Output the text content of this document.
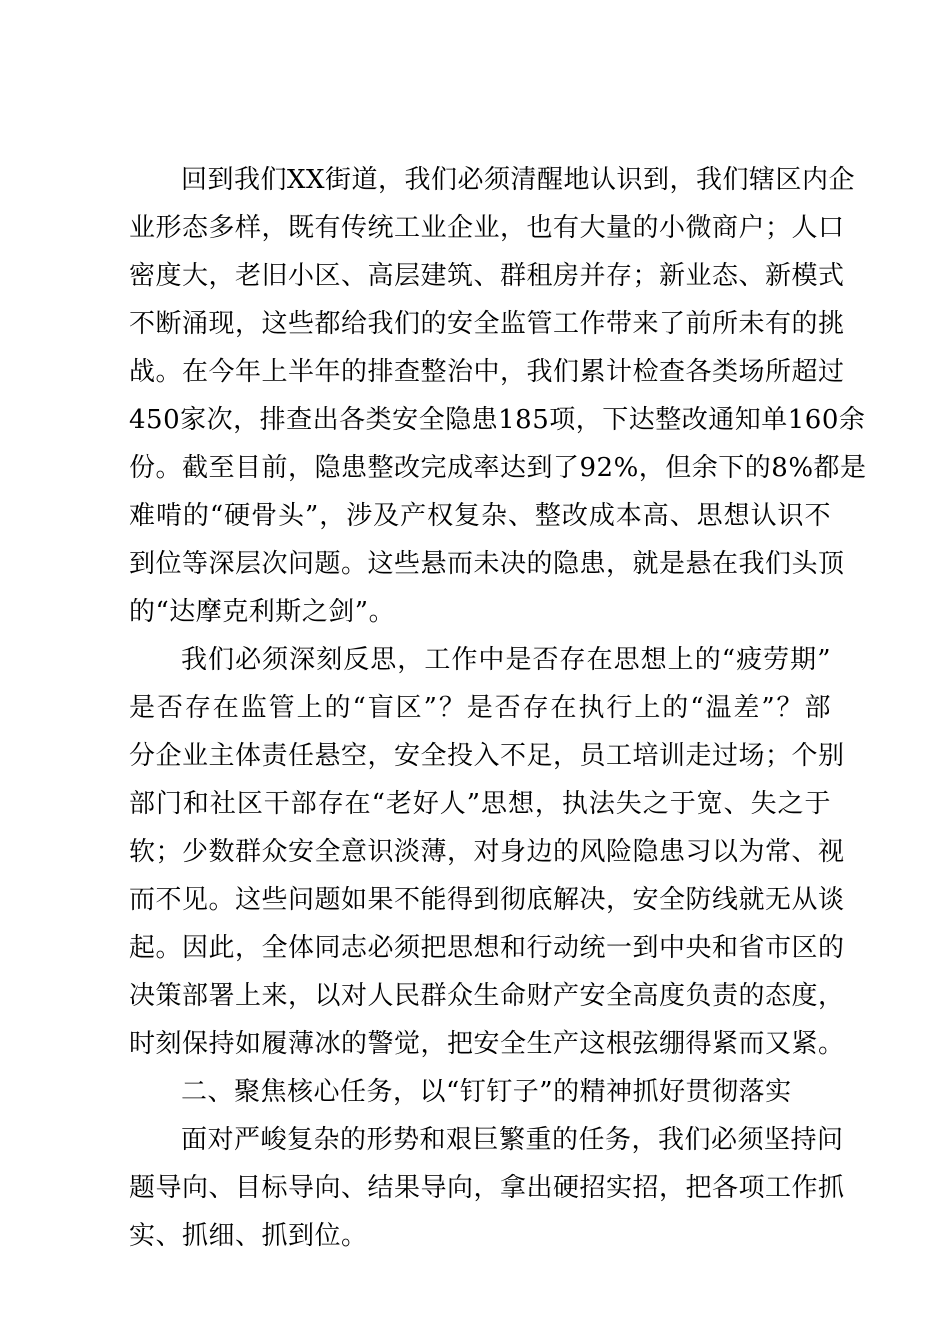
回到我们XX街道，我们必须清醒地认识到，我们辖区内企
业形态多样，既有传统工业企业，也有大量的小微商户；人口
密度大，老旧小区、高层建筑、群租房并存；新业态、新模式
不断涌现，这些都给我们的安全监管工作带来了前所未有的挑
战。在今年上半年的排查整治中，我们累计检查各类场所超过
450家次，排查出各类安全隐患185项，下达整改通知单160余
份。截至目前，隐患整改完成率达到了92%，但余下的8%都是
难啃的“硬骨头”，涉及产权复杂、整改成本高、思想认识不
到位等深层次问题。这些悬而未决的隐患，就是悬在我们头顶
的“达摩克利斯之剑”。
我们必须深刻反思，工作中是否存在思想上的“疲劳期”
是否存在监管上的“盲区”？是否存在执行上的“温差”？部
分企业主体责任悬空，安全投入不足，员工培训走过场；个别
部门和社区干部存在“老好人”思想，执法失之于宽、失之于
软；少数群众安全意识淡薄，对身边的风险隐患习以为常、视
而不见。这些问题如果不能得到彻底解决，安全防线就无从谈
起。因此，全体同志必须把思想和行动统一到中央和省市区的
决策部署上来，以对人民群众生命财产安全高度负责的态度，
时刻保持如履薄冰的警觉，把安全生产这根弦绷得紧而又紧。
二、聚焦核心任务，以“钉钉子”的精神抓好贯彻落实
面对严峻复杂的形势和艰巨繁重的任务，我们必须坚持问
题导向、目标导向、结果导向，拿出硬招实招，把各项工作抓
实、抓细、抓到位。
